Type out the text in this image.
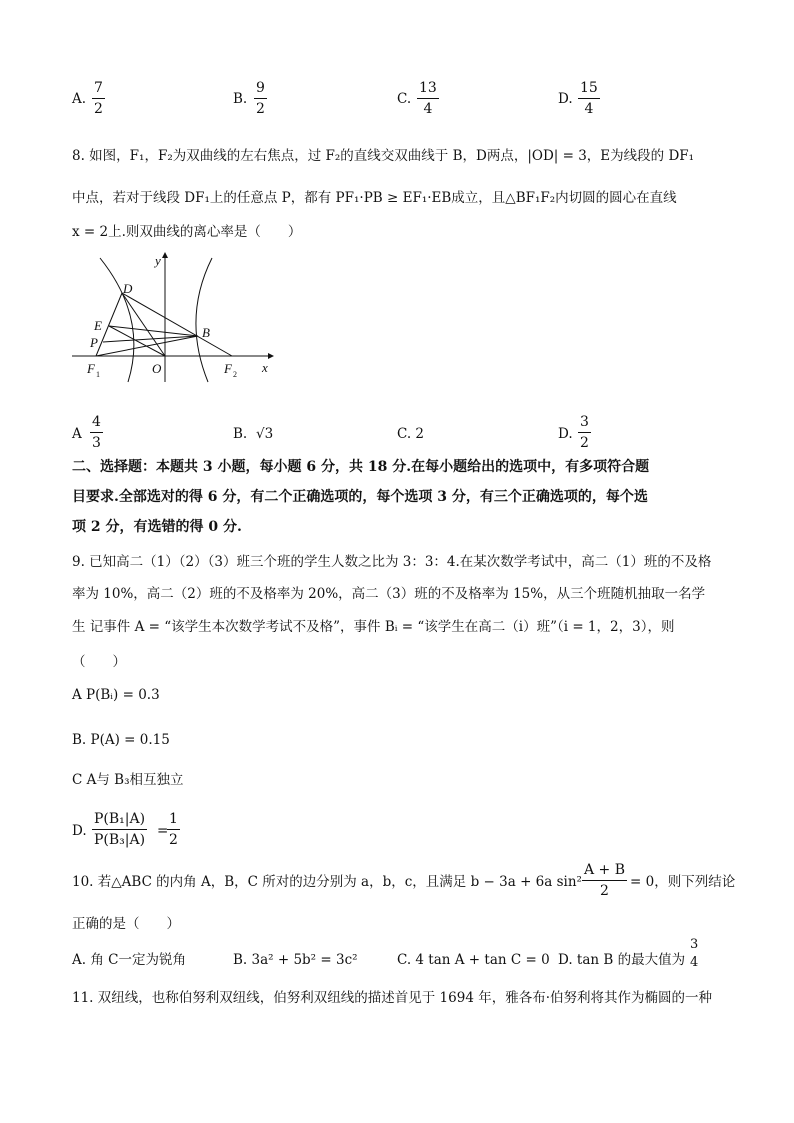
A. $\frac{7}{2}$	B. $\frac{9}{2}$	C. $\frac{13}{4}$	D. $\frac{15}{4}$
8. 如图，F₁，F₂为双曲线的左右焦点，过 F₂的直线交双曲线于 B，D两点，|OD| = 3，E为线段的 DF₁
中点，若对于线段 DF₁上的任意点 P，都有 PF₁·PB ≥ EF₁·EB成立，且△BF₁F₂内切圆的圆心在直线
x = 2上.则双曲线的离心率是（　　）
y
x
D
E
P
B
F 1	O	F 2
A $\frac{4}{3}$	B. √3	C. 2	D. $\frac{3}{2}$
二、选择题：本题共 3 小题，每小题 6 分，共 18 分.在每小题给出的选项中，有多项符合题
目要求.全部选对的得 6 分，有二个正确选项的，每个选项 3 分，有三个正确选项的，每个选
项 2 分，有选错的得 0 分.
9. 已知高二（1）（2）（3）班三个班的学生人数之比为 3：3：4.在某次数学考试中，高二（1）班的不及格
率为 10%，高二（2）班的不及格率为 20%，高二（3）班的不及格率为 15%，从三个班随机抽取一名学
生 记事件 A = “该学生本次数学考试不及格”，事件 Bᵢ = “该学生在高二（i）班”（i = 1，2，3），则
（　　）
A P(Bᵢ) = 0.3
B. P(A) = 0.15
C A与 B₃相互独立
D. $\frac{\text{P(B₁|A)}}{\text{P(B₃|A)}}$ =
$\frac{1}{2}$
10. 若△ABC 的内角 A，B，C 所对的边分别为 a，b，c，且满足 b − 3a + 6a $\sin^2 \frac{A + B}{2} = 0$，则下列结论
正确的是（　　）
A. 角 C一定为锐角	B. 3a² + 5b² = 3c²	C. 4 tan A + tan C = 0 D. tan B 的最大值为
3
4
11. 双纽线，也称伯努利双纽线，伯努利双纽线的描述首见于 1694 年，雅各布·伯努利将其作为椭圆的一种
